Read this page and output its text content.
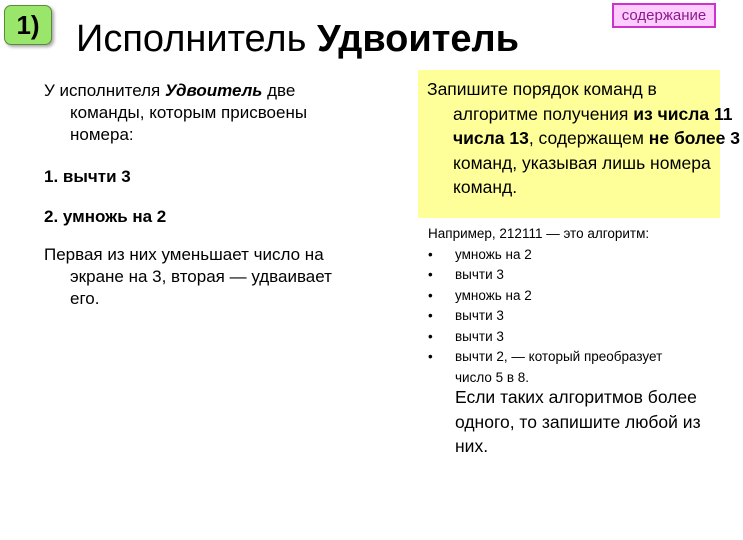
1) Исполнитель Удвоитель
содержание
У исполнителя Удвоитель две команды, которым присвоены номера:
1. вычти 3
2. умножь на 2
Первая из них уменьшает число на экране на 3, вторая — удваивает его.
Запишите порядок команд в алгоритме получения из числа 11 числа 13, содержащем не более 3 команд, указывая лишь номера команд.
Например, 212111 — это алгоритм:
• умножь на 2
• вычти 3
• умножь на 2
• вычти 3
• вычти 3
• вычти 2, — который преобразует
число 5 в 8.
Если таких алгоритмов более одного, то запишите любой из них.
